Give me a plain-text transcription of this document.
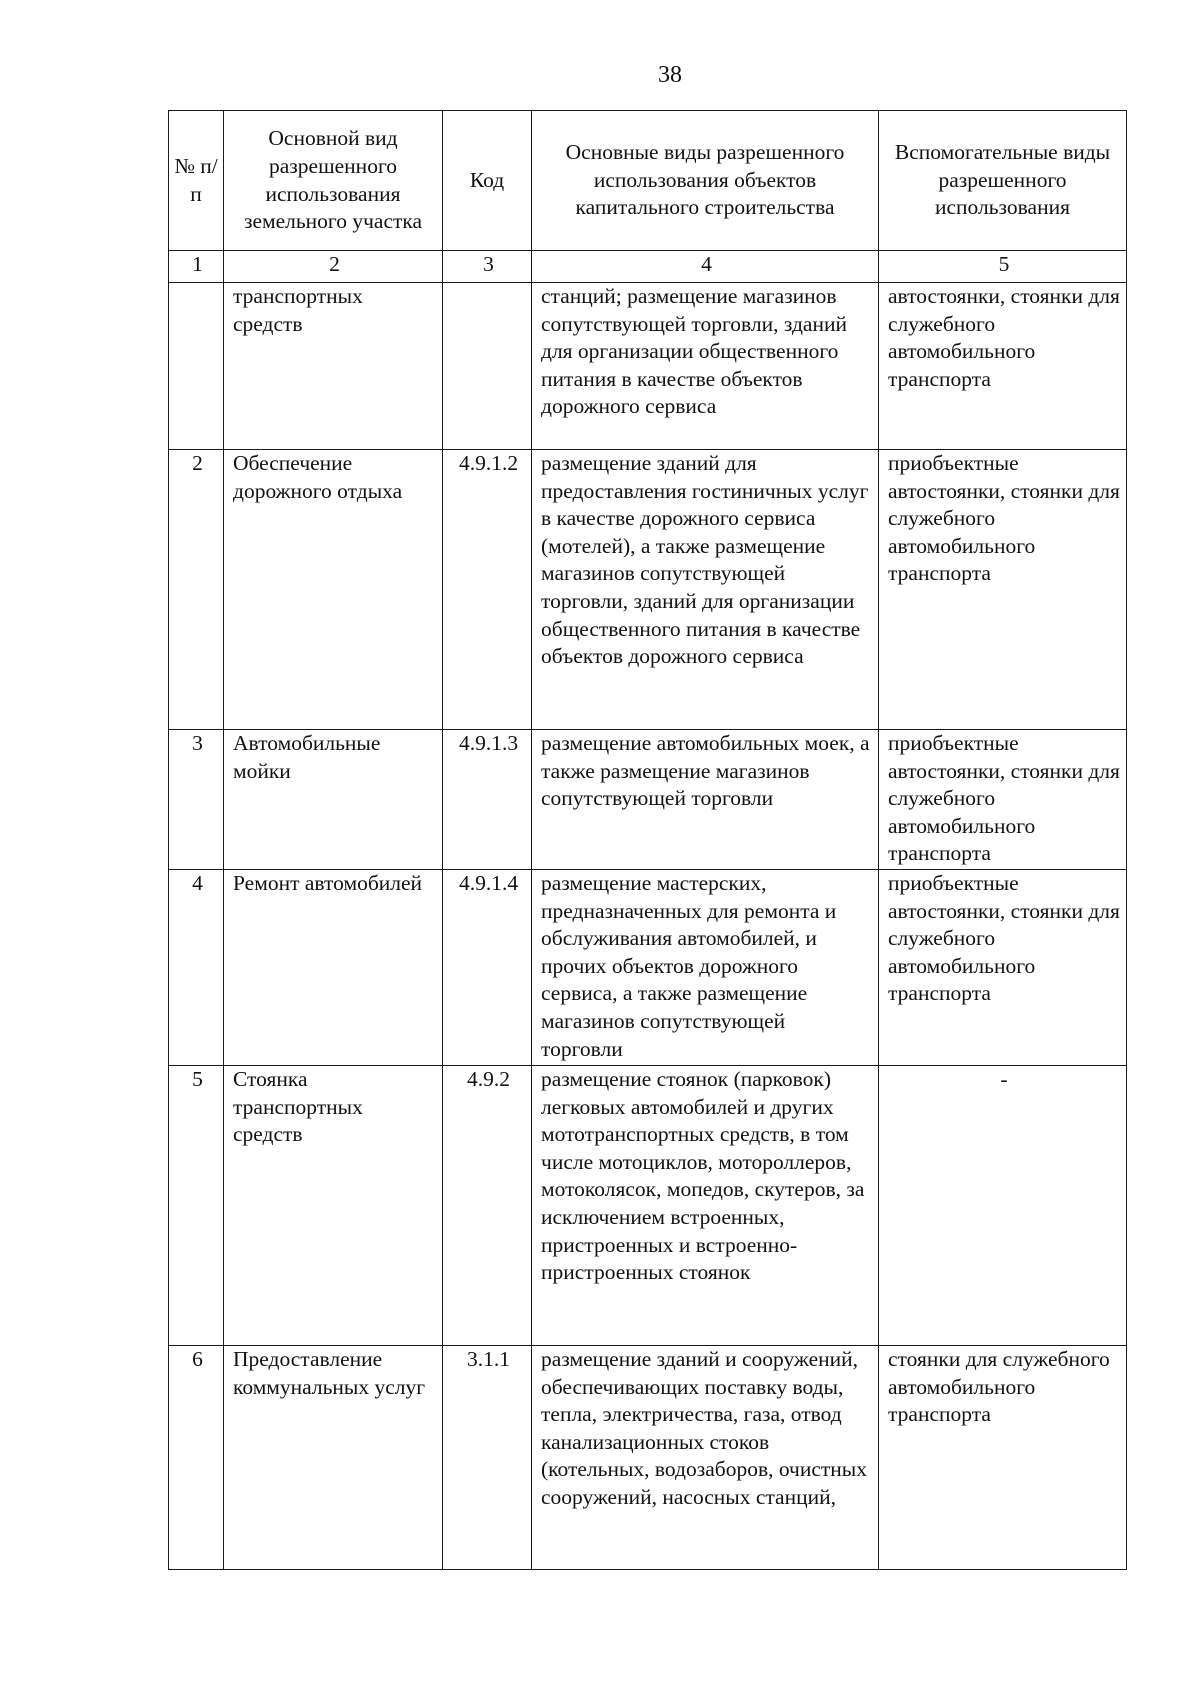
38
№ п/п	Основной вид разрешенного использования земельного участка	Код	Основные виды разрешенного использования объектов капитального строительства	Вспомогательные виды разрешенного использования
1	2	3	4	5
	транспортных средств		станций; размещение магазинов сопутствующей торговли, зданий для организации общественного питания в качестве объектов дорожного сервиса	автостоянки, стоянки для служебного автомобильного транспорта
2	Обеспечение дорожного отдыха	4.9.1.2	размещение зданий для предоставления гостиничных услуг в качестве дорожного сервиса (мотелей), а также размещение магазинов сопутствующей торговли, зданий для организации общественного питания в качестве объектов дорожного сервиса	приобъектные автостоянки, стоянки для служебного автомобильного транспорта
3	Автомобильные мойки	4.9.1.3	размещение автомобильных моек, а также размещение магазинов сопутствующей торговли	приобъектные автостоянки, стоянки для служебного автомобильного транспорта
4	Ремонт автомобилей	4.9.1.4	размещение мастерских, предназначенных для ремонта и обслуживания автомобилей, и прочих объектов дорожного сервиса, а также размещение магазинов сопутствующей торговли	приобъектные автостоянки, стоянки для служебного автомобильного транспорта
5	Стоянка транспортных средств	4.9.2	размещение стоянок (парковок) легковых автомобилей и других мототранспортных средств, в том числе мотоциклов, мотороллеров, мотоколясок, мопедов, скутеров, за исключением встроенных, пристроенных и встроенно-пристроенных стоянок	-
6	Предоставление коммунальных услуг	3.1.1	размещение зданий и сооружений, обеспечивающих поставку воды, тепла, электричества, газа, отвод канализационных стоков (котельных, водозаборов, очистных сооружений, насосных станций,	стоянки для служебного автомобильного транспорта
